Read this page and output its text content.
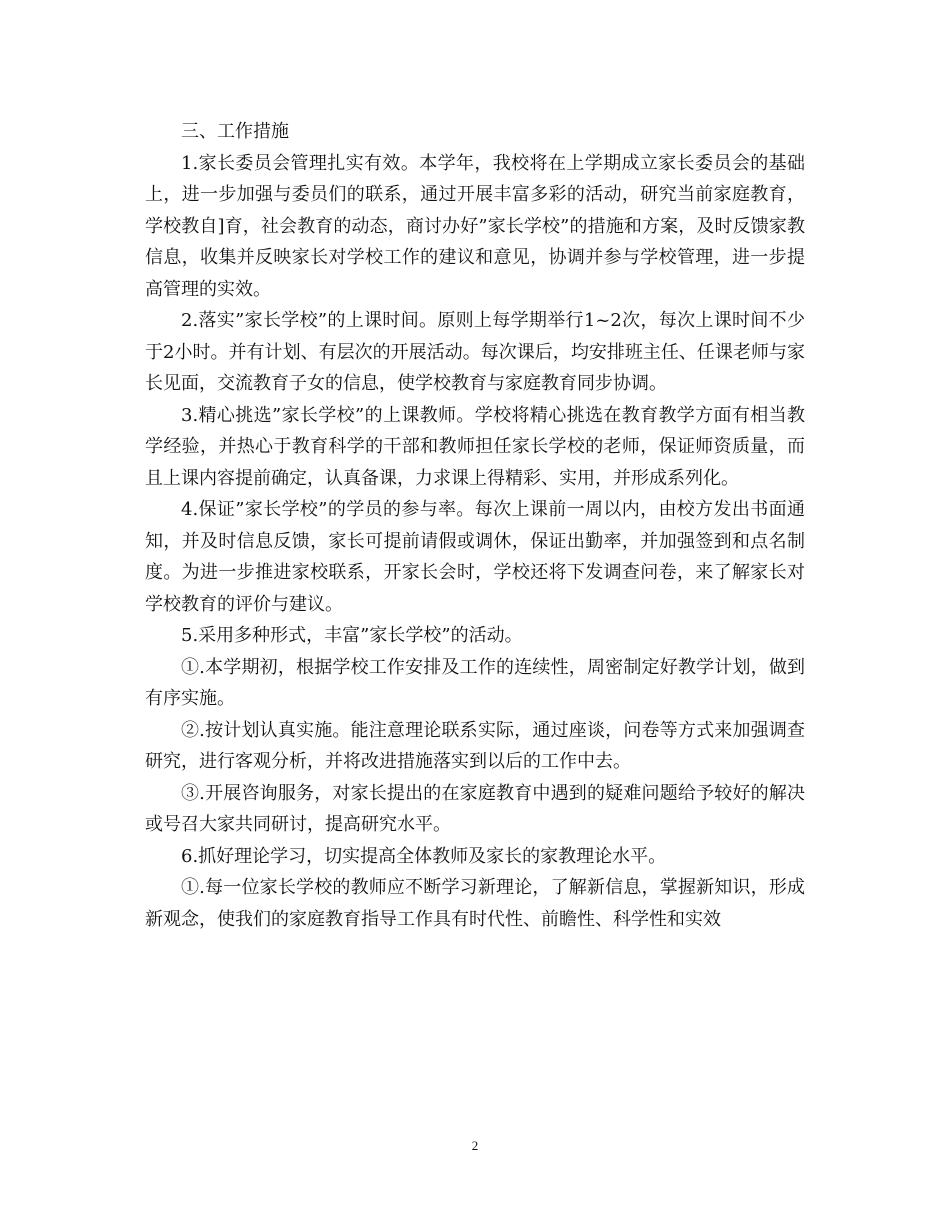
三、工作措施

1.家长委员会管理扎实有效。本学年，我校将在上学期成立家长委员会的基础上，进一步加强与委员们的联系，通过开展丰富多彩的活动，研究当前家庭教育，学校教自]育，社会教育的动态，商讨办好”家长学校”的措施和方案，及时反馈家教信息，收集并反映家长对学校工作的建议和意见，协调并参与学校管理，进一步提高管理的实效。

2.落实”家长学校”的上课时间。原则上每学期举行1~2次，每次上课时间不少于2小时。并有计划、有层次的开展活动。每次课后，均安排班主任、任课老师与家长见面，交流教育子女的信息，使学校教育与家庭教育同步协调。

3.精心挑选”家长学校”的上课教师。学校将精心挑选在教育教学方面有相当教学经验，并热心于教育科学的干部和教师担任家长学校的老师，保证师资质量，而且上课内容提前确定，认真备课，力求课上得精彩、实用，并形成系列化。

4.保证”家长学校”的学员的参与率。每次上课前一周以内，由校方发出书面通知，并及时信息反馈，家长可提前请假或调休，保证出勤率，并加强签到和点名制度。为进一步推进家校联系，开家长会时，学校还将下发调查问卷，来了解家长对学校教育的评价与建议。

5.采用多种形式，丰富”家长学校”的活动。

①.本学期初，根据学校工作安排及工作的连续性，周密制定好教学计划，做到有序实施。

②.按计划认真实施。能注意理论联系实际，通过座谈，问卷等方式来加强调查研究，进行客观分析，并将改进措施落实到以后的工作中去。

③.开展咨询服务，对家长提出的在家庭教育中遇到的疑难问题给予较好的解决或号召大家共同研讨，提高研究水平。

6.抓好理论学习，切实提高全体教师及家长的家教理论水平。

①.每一位家长学校的教师应不断学习新理论，了解新信息，掌握新知识，形成新观念，使我们的家庭教育指导工作具有时代性、前瞻性、科学性和实效

2
